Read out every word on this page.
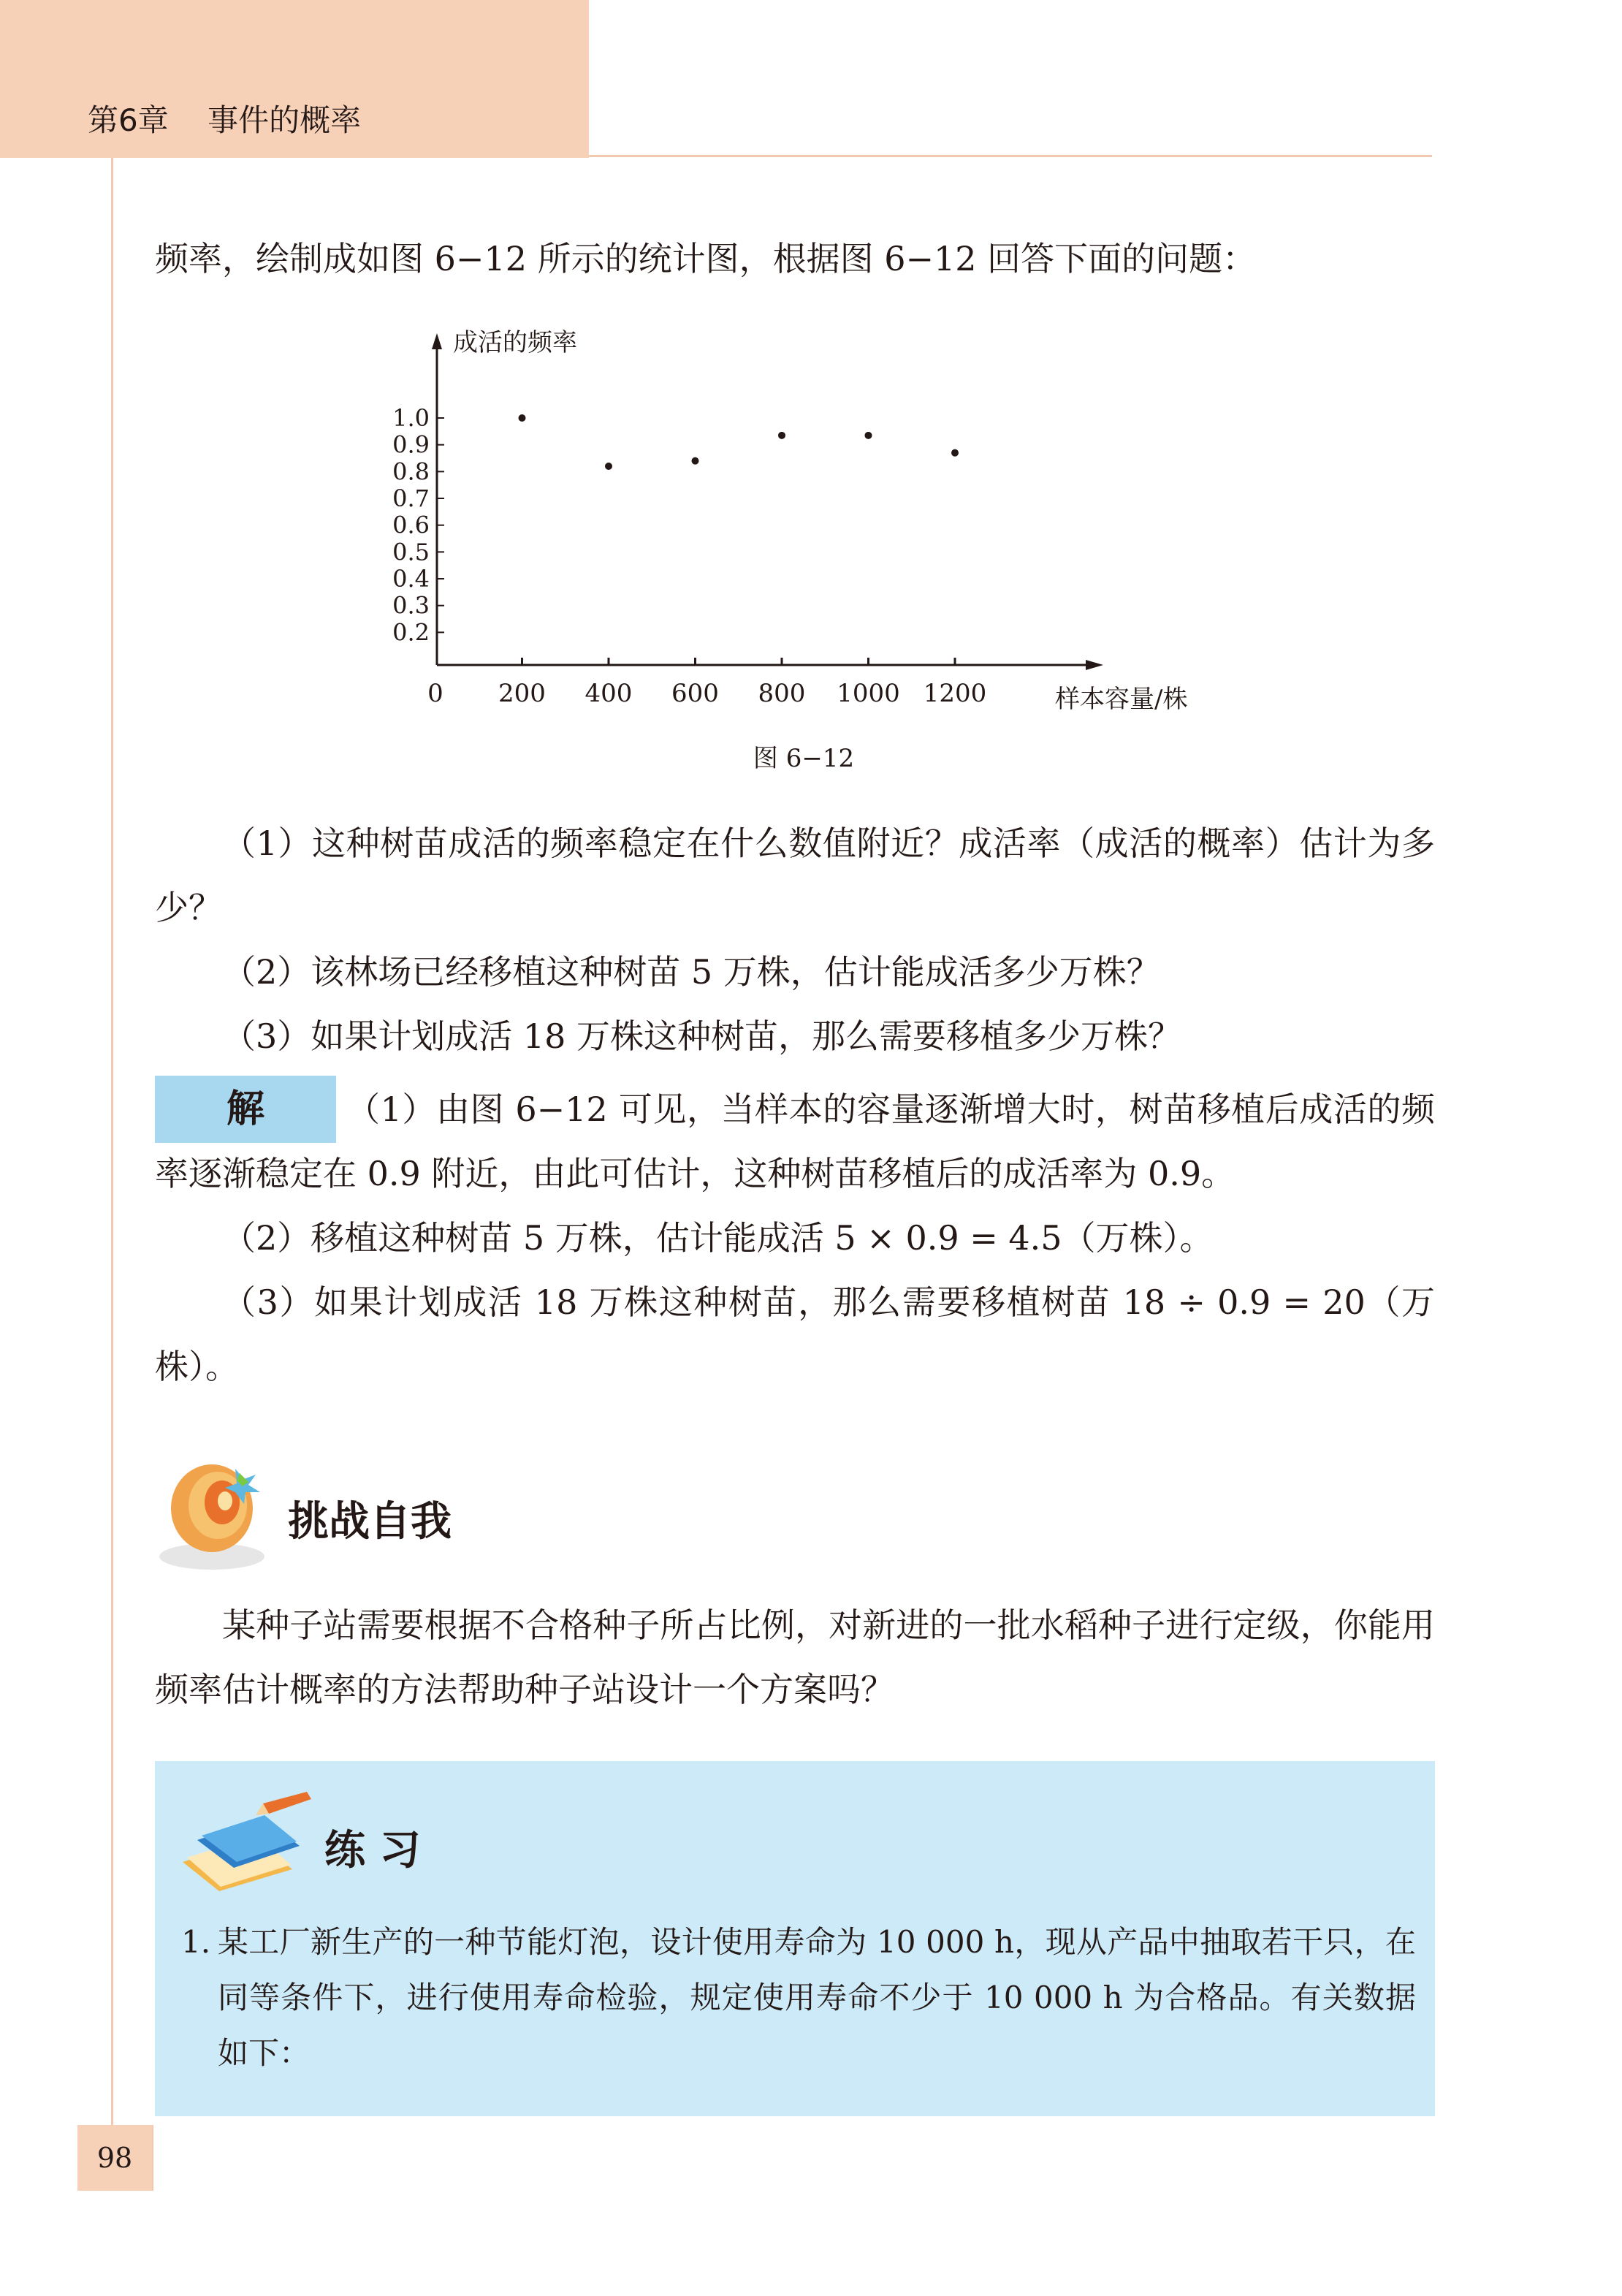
第6章    事件的概率
频率，绘制成如图 6−12 所示的统计图，根据图 6−12 回答下面的问题：
成活的频率
样本容量/株
0 200 400 600 800 1000 1200
1.0
0.9
0.8
0.7
0.6
0.5
0.4
0.3
0.2
图 6−12
（1）这种树苗成活的频率稳定在什么数值附近？成活率（成活的概率）估计为多少？
（2）该林场已经移植这种树苗 5 万株，估计能成活多少万株？
（3）如果计划成活 18 万株这种树苗，那么需要移植多少万株？
解	（1）由图 6−12 可见，当样本的容量逐渐增大时，树苗移植后成活的频率逐渐稳定在 0.9 附近，由此可估计，这种树苗移植后的成活率为 0.9。
（2）移植这种树苗 5 万株，估计能成活 5 × 0.9 = 4.5（万株）。
（3）如果计划成活 18 万株这种树苗，那么需要移植树苗 18 ÷ 0.9 = 20（万株）。
挑战自我
某种子站需要根据不合格种子所占比例，对新进的一批水稻种子进行定级，你能用频率估计概率的方法帮助种子站设计一个方案吗？
练 习
1. 某工厂新生产的一种节能灯泡，设计使用寿命为 10 000 h，现从产品中抽取若干只，在同等条件下，进行使用寿命检验，规定使用寿命不少于 10 000 h 为合格品。有关数据如下：
98
